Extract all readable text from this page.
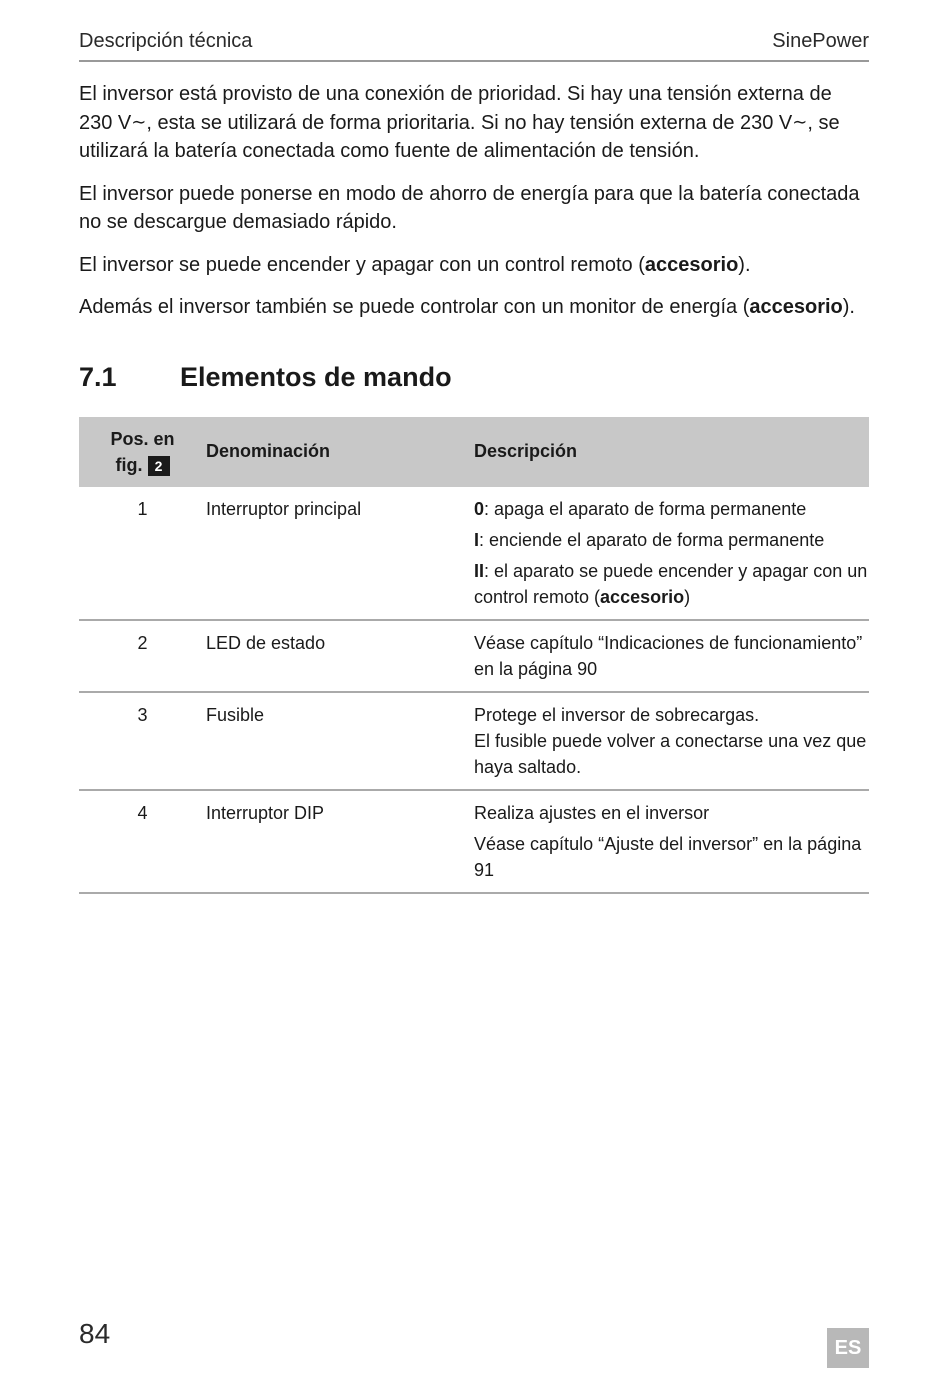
Descripción técnica	SinePower

El inversor está provisto de una conexión de prioridad. Si hay una tensión externa de 230 V∼, esta se utilizará de forma prioritaria. Si no hay tensión externa de 230 V∼, se utilizará la batería conectada como fuente de alimentación de tensión.

El inversor puede ponerse en modo de ahorro de energía para que la batería conectada no se descargue demasiado rápido.

El inversor se puede encender y apagar con un control remoto (accesorio).

Además el inversor también se puede controlar con un monitor de energía (accesorio).

7.1	Elementos de mando
Pos. en
fig. 2	Denominación	Descripción
1	Interruptor principal	0: apaga el aparato de forma permanente
I: enciende el aparato de forma permanente
II: el aparato se puede encender y apagar con un control remoto (accesorio)

2	LED de estado	Véase capítulo “Indicaciones de funcionamiento” en la página 90
3	Fusible	Protege el inversor de sobrecargas.
El fusible puede volver a conectarse una vez que haya saltado.

4	Interruptor DIP	Realiza ajustes en el inversor
Véase capítulo “Ajuste del inversor” en la página 91
84	ES
